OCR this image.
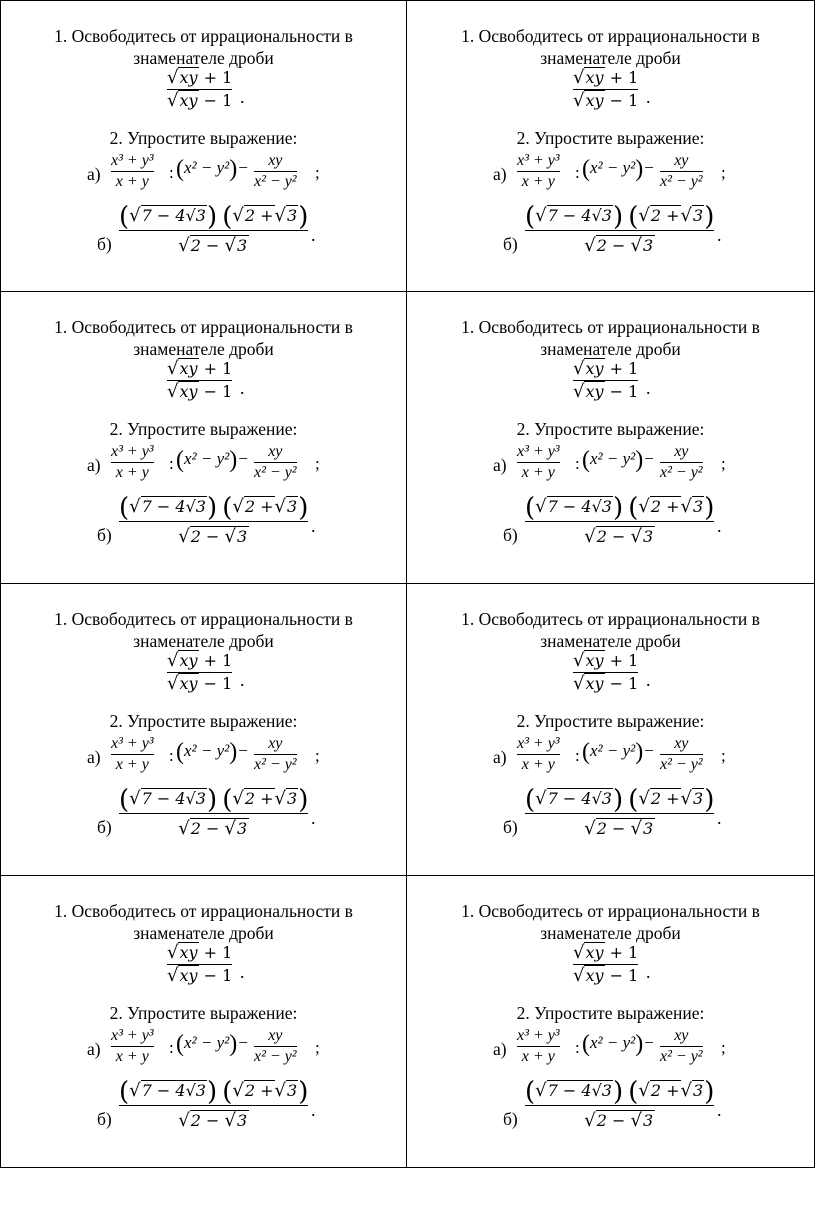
1. Освободитесь от иррациональности в
знаменателе дроби
√xy + 1
√xy − 1 .
2. Упростите выражение:
а)
x³ + y³
x + y : (x² − y²)− xy
x² − y² ;
б)
(√7 − 4√3) (√2 +√3)
√2 − √3
.
1. Освободитесь от иррациональности в
знаменателе дроби
√xy + 1
√xy − 1 .
2. Упростите выражение:
а)
x³ + y³
x + y : (x² − y²)− xy
x² − y² ;
б)
(√7 − 4√3) (√2 +√3)
√2 − √3
.
1. Освободитесь от иррациональности в
знаменателе дроби
√xy + 1
√xy − 1 .
2. Упростите выражение:
а)
x³ + y³
x + y : (x² − y²)− xy
x² − y² ;
б)
(√7 − 4√3) (√2 +√3)
√2 − √3
.
1. Освободитесь от иррациональности в
знаменателе дроби
√xy + 1
√xy − 1 .
2. Упростите выражение:
а)
x³ + y³
x + y : (x² − y²)− xy
x² − y² ;
б)
(√7 − 4√3) (√2 +√3)
√2 − √3
.
1. Освободитесь от иррациональности в
знаменателе дроби
√xy + 1
√xy − 1 .
2. Упростите выражение:
а)
x³ + y³
x + y : (x² − y²)− xy
x² − y² ;
б)
(√7 − 4√3) (√2 +√3)
√2 − √3
.
1. Освободитесь от иррациональности в
знаменателе дроби
√xy + 1
√xy − 1 .
2. Упростите выражение:
а)
x³ + y³
x + y : (x² − y²)− xy
x² − y² ;
б)
(√7 − 4√3) (√2 +√3)
√2 − √3
.
1. Освободитесь от иррациональности в
знаменателе дроби
√xy + 1
√xy − 1 .
2. Упростите выражение:
а)
x³ + y³
x + y : (x² − y²)− xy
x² − y² ;
б)
(√7 − 4√3) (√2 +√3)
√2 − √3
.
1. Освободитесь от иррациональности в
знаменателе дроби
√xy + 1
√xy − 1 .
2. Упростите выражение:
а)
x³ + y³
x + y : (x² − y²)− xy
x² − y² ;
б)
(√7 − 4√3) (√2 +√3)
√2 − √3
.
